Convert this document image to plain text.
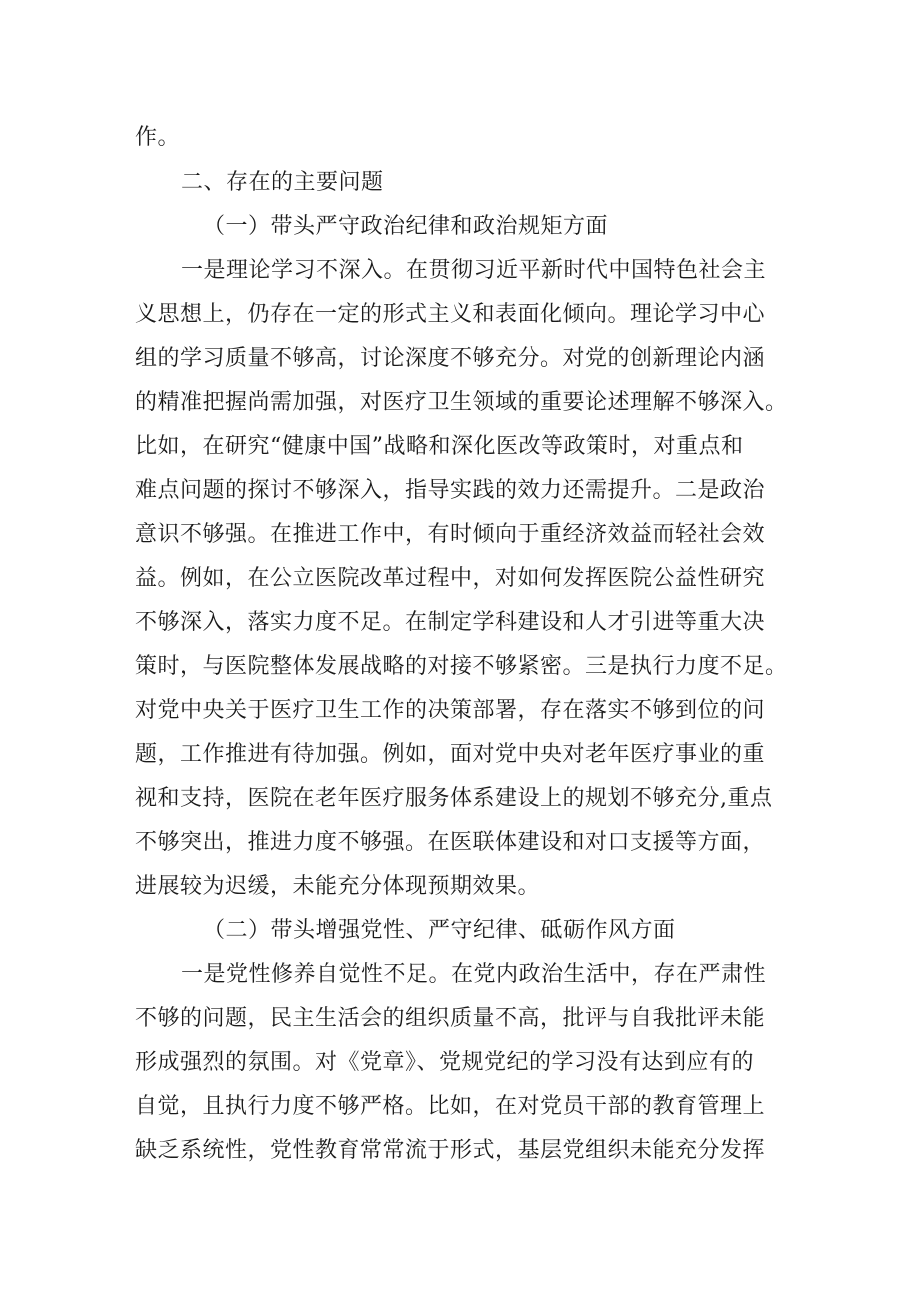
作。
二、存在的主要问题
（一）带头严守政治纪律和政治规矩方面
一是理论学习不深入。在贯彻习近平新时代中国特色社会主
义思想上，仍存在一定的形式主义和表面化倾向。理论学习中心
组的学习质量不够高，讨论深度不够充分。对党的创新理论内涵
的精准把握尚需加强，对医疗卫生领域的重要论述理解不够深入。
比如，在研究“健康中国”战略和深化医改等政策时，对重点和
难点问题的探讨不够深入，指导实践的效力还需提升。二是政治
意识不够强。在推进工作中，有时倾向于重经济效益而轻社会效
益。例如，在公立医院改革过程中，对如何发挥医院公益性研究
不够深入，落实力度不足。在制定学科建设和人才引进等重大决
策时，与医院整体发展战略的对接不够紧密。三是执行力度不足。
对党中央关于医疗卫生工作的决策部署，存在落实不够到位的问
题，工作推进有待加强。例如，面对党中央对老年医疗事业的重
视和支持，医院在老年医疗服务体系建设上的规划不够充分,重点
不够突出，推进力度不够强。在医联体建设和对口支援等方面，
进展较为迟缓，未能充分体现预期效果。
（二）带头增强党性、严守纪律、砥砺作风方面
一是党性修养自觉性不足。在党内政治生活中，存在严肃性
不够的问题，民主生活会的组织质量不高，批评与自我批评未能
形成强烈的氛围。对《党章》、党规党纪的学习没有达到应有的
自觉，且执行力度不够严格。比如，在对党员干部的教育管理上
缺乏系统性，党性教育常常流于形式，基层党组织未能充分发挥
